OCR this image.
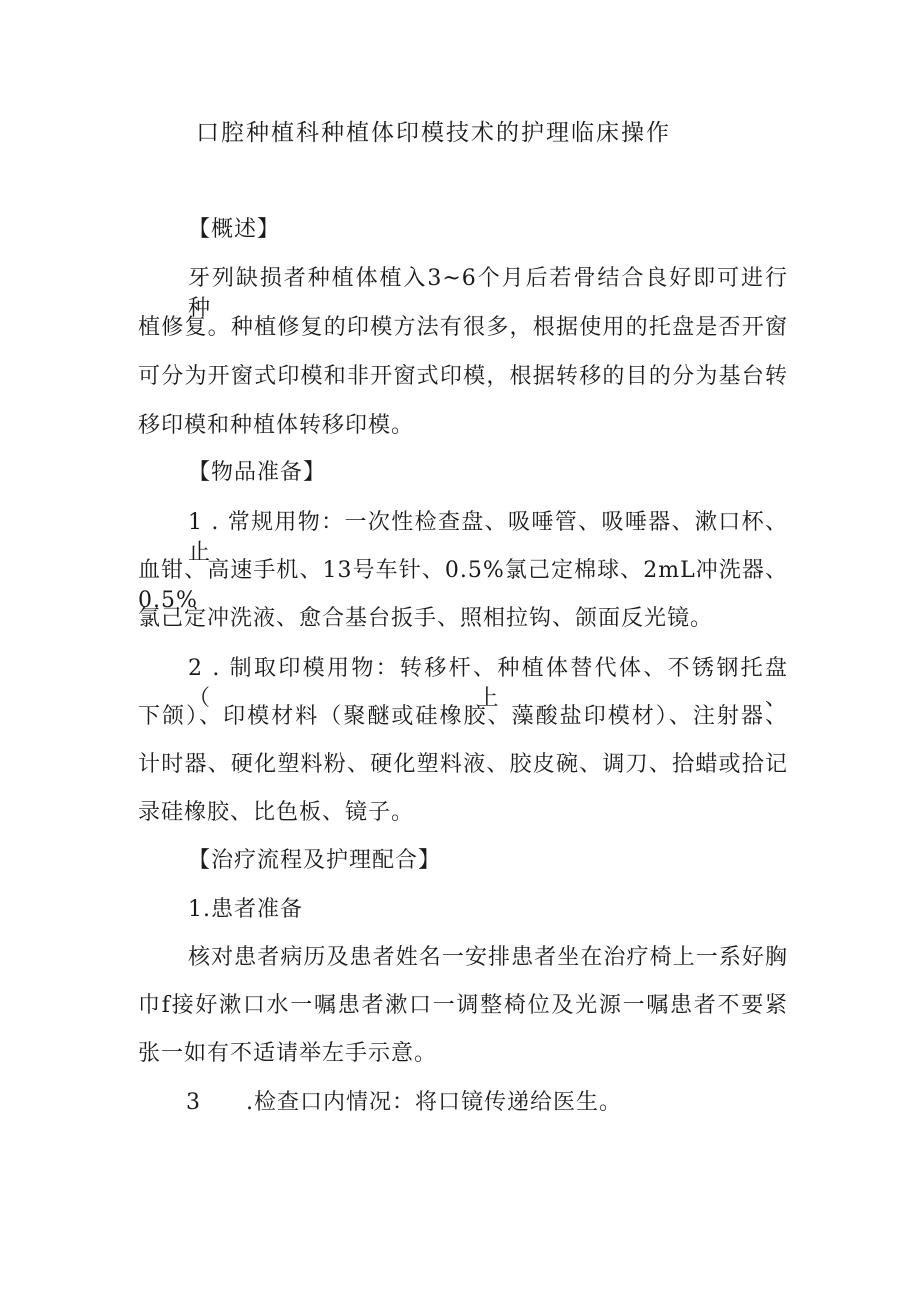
口腔种植科种植体印模技术的护理临床操作
【概述】
牙列缺损者种植体植入3~6个月后若骨结合良好即可进行种
植修复。种植修复的印模方法有很多，根据使用的托盘是否开窗
可分为开窗式印模和非开窗式印模，根据转移的目的分为基台转
移印模和种植体转移印模。
【物品准备】
1 . 常规用物：一次性检查盘、吸唾管、吸唾器、漱口杯、止
血钳、高速手机、13号车针、0.5%氯己定棉球、2mL冲洗器、0.5%
氯己定冲洗液、愈合基台扳手、照相拉钩、颌面反光镜。
2 . 制取印模用物：转移杆、种植体替代体、不锈钢托盘（上、
下颌）、印模材料（聚醚或硅橡胶、藻酸盐印模材）、注射器、
计时器、硬化塑料粉、硬化塑料液、胶皮碗、调刀、拾蜡或拾记
录硅橡胶、比色板、镜子。
【治疗流程及护理配合】
1.患者准备
核对患者病历及患者姓名一安排患者坐在治疗椅上一系好胸
巾f接好漱口水一嘱患者漱口一调整椅位及光源一嘱患者不要紧
张一如有不适请举左手示意。
3 .检查口内情况：将口镜传递给医生。
